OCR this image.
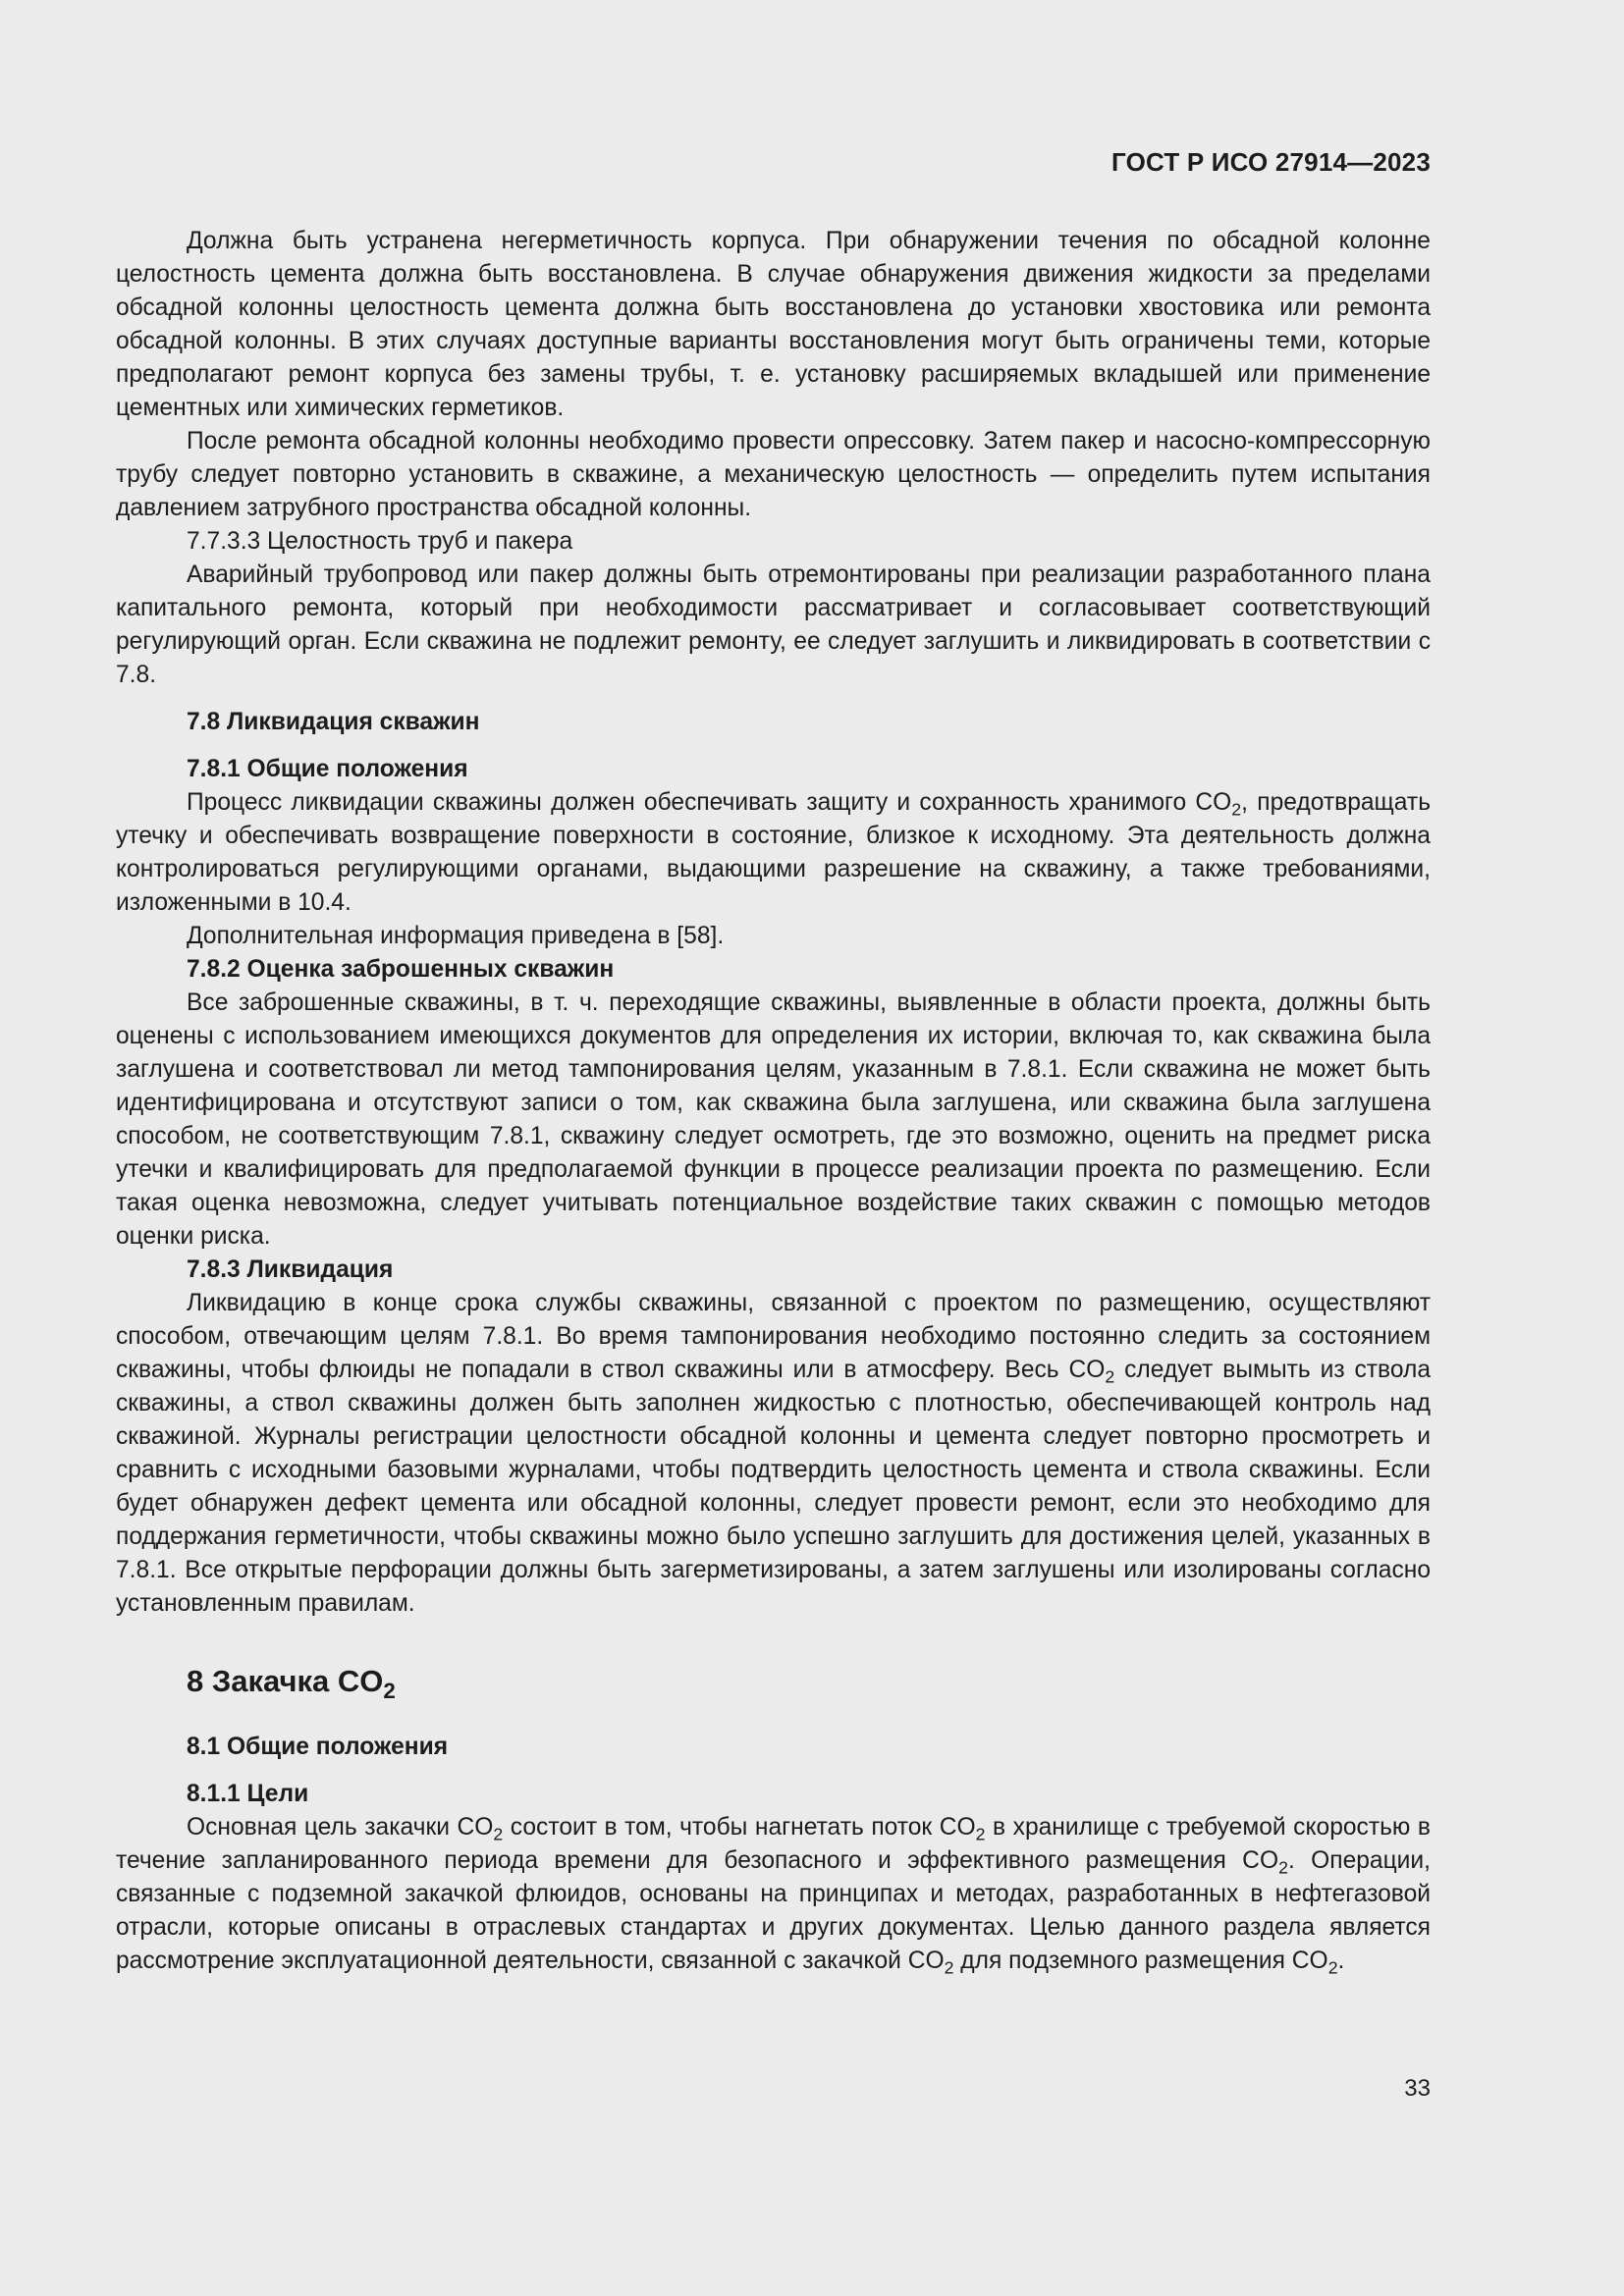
ГОСТ Р ИСО 27914—2023

Должна быть устранена негерметичность корпуса. При обнаружении течения по обсадной колонне целостность цемента должна быть восстановлена. В случае обнаружения движения жидкости за пределами обсадной колонны целостность цемента должна быть восстановлена до установки хвостовика или ремонта обсадной колонны. В этих случаях доступные варианты восстановления могут быть ограничены теми, которые предполагают ремонт корпуса без замены трубы, т. е. установку расширяемых вкладышей или применение цементных или химических герметиков.

После ремонта обсадной колонны необходимо провести опрессовку. Затем пакер и насосно-компрессорную трубу следует повторно установить в скважине, а механическую целостность — определить путем испытания давлением затрубного пространства обсадной колонны.

7.7.3.3 Целостность труб и пакера

Аварийный трубопровод или пакер должны быть отремонтированы при реализации разработанного плана капитального ремонта, который при необходимости рассматривает и согласовывает соответствующий регулирующий орган. Если скважина не подлежит ремонту, ее следует заглушить и ликвидировать в соответствии с 7.8.

7.8 Ликвидация скважин
7.8.1 Общие положения

Процесс ликвидации скважины должен обеспечивать защиту и сохранность хранимого $CO_2$, предотвращать утечку и обеспечивать возвращение поверхности в состояние, близкое к исходному. Эта деятельность должна контролироваться регулирующими органами, выдающими разрешение на скважину, а также требованиями, изложенными в 10.4.

Дополнительная информация приведена в [58].
7.8.2 Оценка заброшенных скважин

Все заброшенные скважины, в т. ч. переходящие скважины, выявленные в области проекта, должны быть оценены с использованием имеющихся документов для определения их истории, включая то, как скважина была заглушена и соответствовал ли метод тампонирования целям, указанным в 7.8.1. Если скважина не может быть идентифицирована и отсутствуют записи о том, как скважина была заглушена, или скважина была заглушена способом, не соответствующим 7.8.1, скважину следует осмотреть, где это возможно, оценить на предмет риска утечки и квалифицировать для предполагаемой функции в процессе реализации проекта по размещению. Если такая оценка невозможна, следует учитывать потенциальное воздействие таких скважин с помощью методов оценки риска.

7.8.3 Ликвидация

Ликвидацию в конце срока службы скважины, связанной с проектом по размещению, осуществляют способом, отвечающим целям 7.8.1. Во время тампонирования необходимо постоянно следить за состоянием скважины, чтобы флюиды не попадали в ствол скважины или в атмосферу. Весь $CO_2$ следует вымыть из ствола скважины, а ствол скважины должен быть заполнен жидкостью с плотностью, обеспечивающей контроль над скважиной. Журналы регистрации целостности обсадной колонны и цемента следует повторно просмотреть и сравнить с исходными базовыми журналами, чтобы подтвердить целостность цемента и ствола скважины. Если будет обнаружен дефект цемента или обсадной колонны, следует провести ремонт, если это необходимо для поддержания герметичности, чтобы скважины можно было успешно заглушить для достижения целей, указанных в 7.8.1. Все открытые перфорации должны быть загерметизированы, а затем заглушены или изолированы согласно установленным правилам.

8 Закачка $CO_2$
8.1 Общие положения
8.1.1 Цели

Основная цель закачки $CO_2$ состоит в том, чтобы нагнетать поток $CO_2$ в хранилище с требуемой скоростью в течение запланированного периода времени для безопасного и эффективного размещения $CO_2$. Операции, связанные с подземной закачкой флюидов, основаны на принципах и методах, разработанных в нефтегазовой отрасли, которые описаны в отраслевых стандартах и других документах. Целью данного раздела является рассмотрение эксплуатационной деятельности, связанной с закачкой $CO_2$ для подземного размещения $CO_2$.

33
